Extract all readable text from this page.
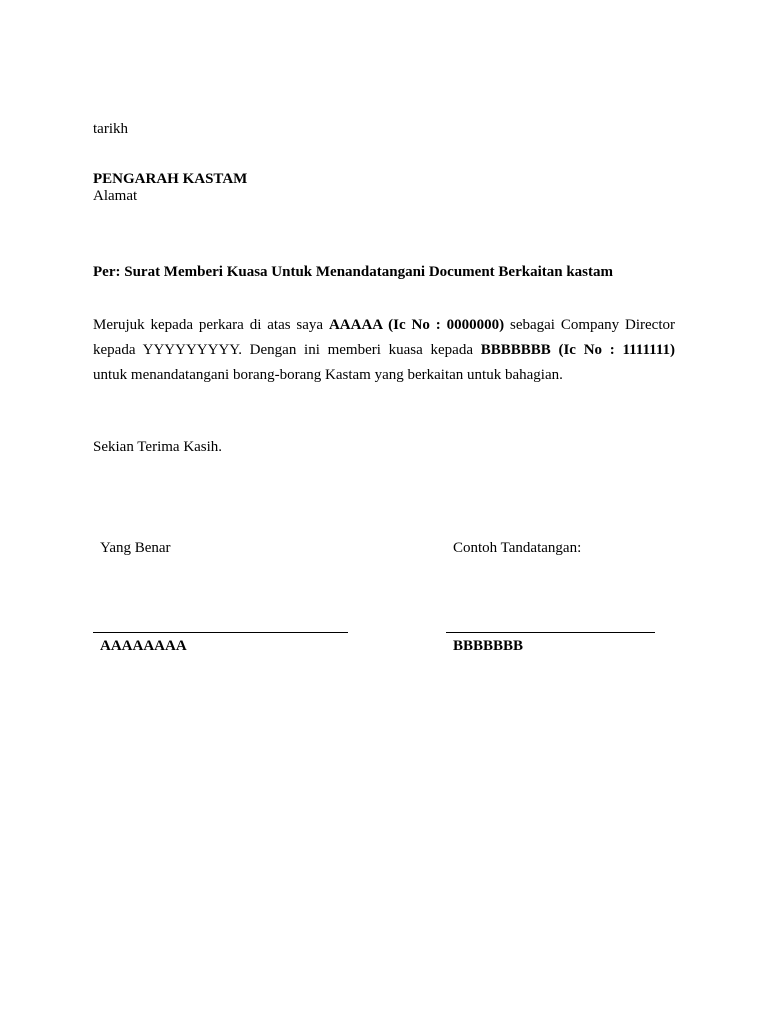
tarikh
PENGARAH KASTAM
Alamat
Per: Surat Memberi Kuasa Untuk Menandatangani Document Berkaitan kastam
Merujuk kepada perkara di atas saya AAAAA (Ic No : 0000000) sebagai Company Director
kepada YYYYYYYYY. Dengan ini memberi kuasa kepada BBBBBBB (Ic No : 1111111)
untuk menandatangani borang-borang Kastam yang berkaitan untuk bahagian.
Sekian Terima Kasih.
Yang Benar	Contoh Tandatangan:
AAAAAAAA	BBBBBBB
